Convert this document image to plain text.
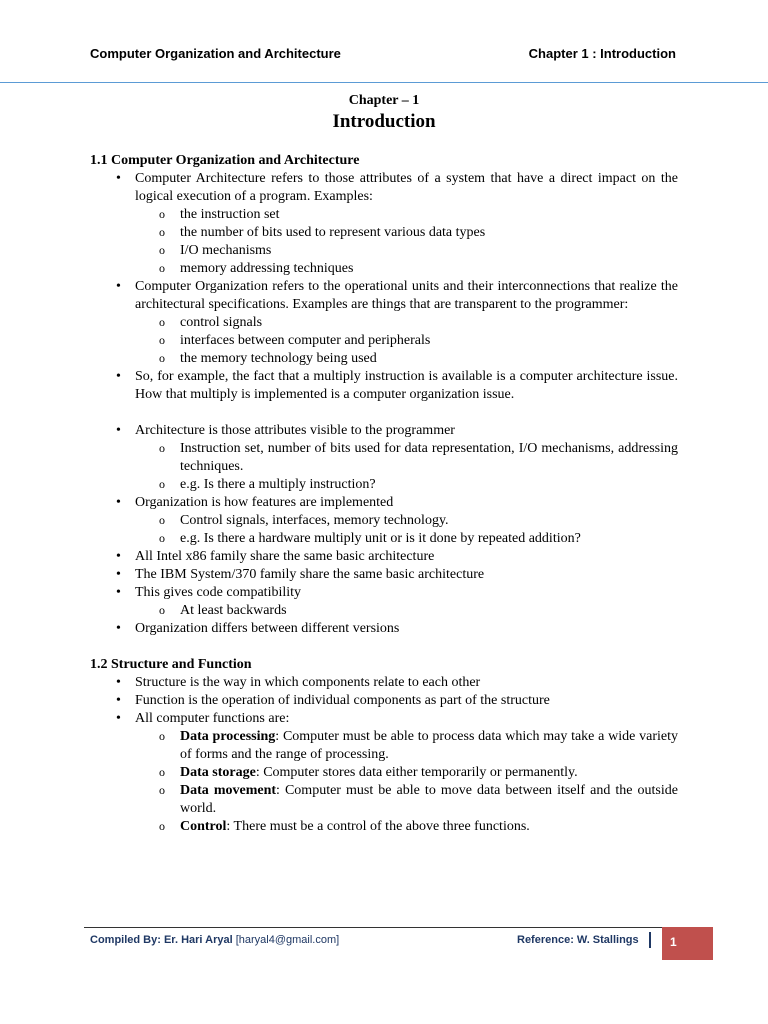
Computer Organization and Architecture	Chapter 1 : Introduction
Chapter – 1
Introduction
1.1 Computer Organization and Architecture
• Computer Architecture refers to those attributes of a system that have a direct impact on the logical execution of a program. Examples:
o the instruction set
o the number of bits used to represent various data types
o I/O mechanisms
o memory addressing techniques
• Computer Organization refers to the operational units and their interconnections that realize the architectural specifications. Examples are things that are transparent to the programmer:
o control signals
o interfaces between computer and peripherals
o the memory technology being used
• So, for example, the fact that a multiply instruction is available is a computer architecture issue. How that multiply is implemented is a computer organization issue.
• Architecture is those attributes visible to the programmer
o Instruction set, number of bits used for data representation, I/O mechanisms, addressing techniques.
o e.g. Is there a multiply instruction?
• Organization is how features are implemented
o Control signals, interfaces, memory technology.
o e.g. Is there a hardware multiply unit or is it done by repeated addition?
• All Intel x86 family share the same basic architecture
• The IBM System/370 family share the same basic architecture
• This gives code compatibility
o At least backwards
• Organization differs between different versions
1.2 Structure and Function
• Structure is the way in which components relate to each other
• Function is the operation of individual components as part of the structure
• All computer functions are:
o Data processing: Computer must be able to process data which may take a wide variety of forms and the range of processing.
o Data storage: Computer stores data either temporarily or permanently.
o Data movement: Computer must be able to move data between itself and the outside world.
o Control: There must be a control of the above three functions.
Compiled By: Er. Hari Aryal [haryal4@gmail.com]	Reference: W. Stallings	1
